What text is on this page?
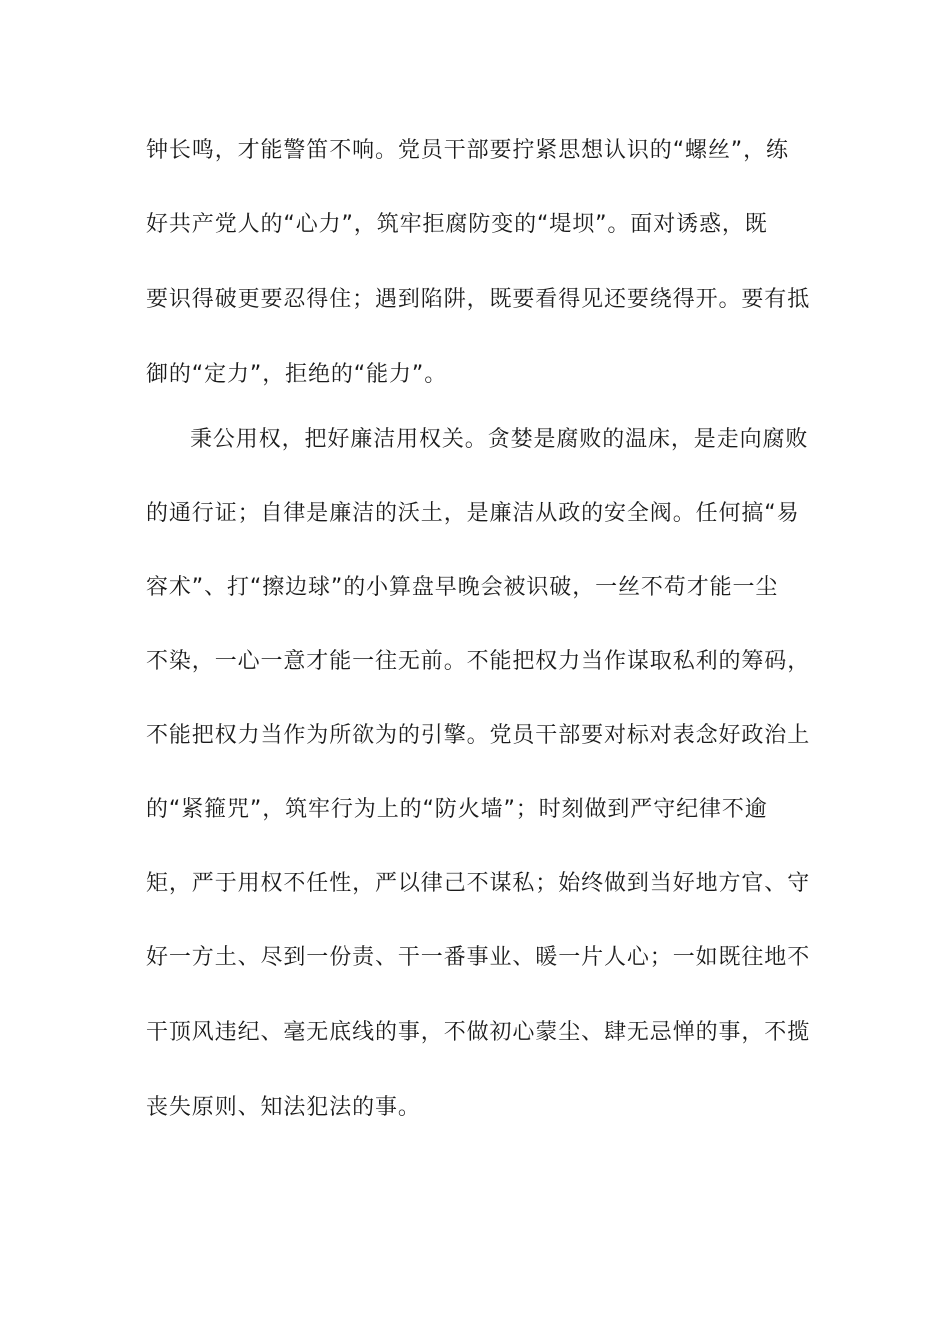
钟长鸣，才能警笛不响。党员干部要拧紧思想认识的“螺丝”，练
好共产党人的“心力”，筑牢拒腐防变的“堤坝”。面对诱惑，既
要识得破更要忍得住；遇到陷阱，既要看得见还要绕得开。要有抵
御的“定力”，拒绝的“能力”。
秉公用权，把好廉洁用权关。贪婪是腐败的温床，是走向腐败
的通行证；自律是廉洁的沃土，是廉洁从政的安全阀。任何搞“易
容术”、打“擦边球”的小算盘早晚会被识破，一丝不苟才能一尘
不染，一心一意才能一往无前。不能把权力当作谋取私利的筹码，
不能把权力当作为所欲为的引擎。党员干部要对标对表念好政治上
的“紧箍咒”，筑牢行为上的“防火墙”；时刻做到严守纪律不逾
矩，严于用权不任性，严以律己不谋私；始终做到当好地方官、守
好一方土、尽到一份责、干一番事业、暖一片人心；一如既往地不
干顶风违纪、毫无底线的事，不做初心蒙尘、肆无忌惮的事，不揽
丧失原则、知法犯法的事。
